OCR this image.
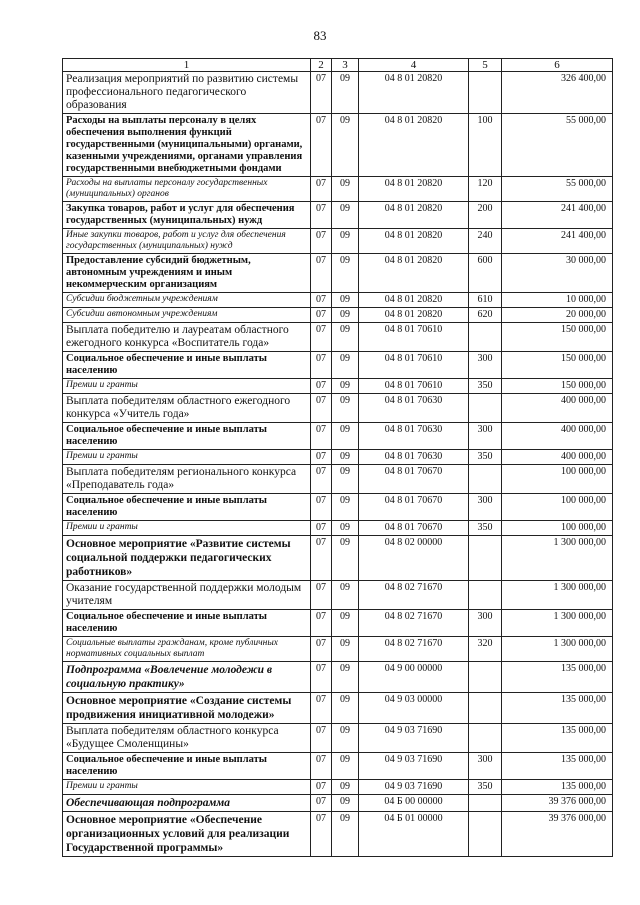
83
1	2	3	4	5	6
Реализация мероприятий по развитию системы профессионального педагогического образования	07	09	04 8 01 20820		326 400,00
Расходы на выплаты персоналу в целях обеспечения выполнения функций государственными (муниципальными) органами, казенными учреждениями, органами управления государственными внебюджетными фондами	07	09	04 8 01 20820	100	55 000,00
Расходы на выплаты персоналу государственных (муниципальных) органов	07	09	04 8 01 20820	120	55 000,00
Закупка товаров, работ и услуг для обеспечения государственных (муниципальных) нужд	07	09	04 8 01 20820	200	241 400,00
Иные закупки товаров, работ и услуг для обеспечения государственных (муниципальных) нужд	07	09	04 8 01 20820	240	241 400,00
Предоставление субсидий бюджетным, автономным учреждениям и иным некоммерческим организациям	07	09	04 8 01 20820	600	30 000,00
Субсидии бюджетным учреждениям	07	09	04 8 01 20820	610	10 000,00
Субсидии автономным учреждениям	07	09	04 8 01 20820	620	20 000,00
Выплата победителю и лауреатам областного ежегодного конкурса «Воспитатель года»	07	09	04 8 01 70610		150 000,00
Социальное обеспечение и иные выплаты населению	07	09	04 8 01 70610	300	150 000,00
Премии и гранты	07	09	04 8 01 70610	350	150 000,00
Выплата победителям областного ежегодного конкурса «Учитель года»	07	09	04 8 01 70630		400 000,00
Социальное обеспечение и иные выплаты населению	07	09	04 8 01 70630	300	400 000,00
Премии и гранты	07	09	04 8 01 70630	350	400 000,00
Выплата победителям регионального конкурса «Преподаватель года»	07	09	04 8 01 70670		100 000,00
Социальное обеспечение и иные выплаты населению	07	09	04 8 01 70670	300	100 000,00
Премии и гранты	07	09	04 8 01 70670	350	100 000,00
Основное мероприятие «Развитие системы социальной поддержки педагогических работников»	07	09	04 8 02 00000		1 300 000,00
Оказание государственной поддержки молодым учителям	07	09	04 8 02 71670		1 300 000,00
Социальное обеспечение и иные выплаты населению	07	09	04 8 02 71670	300	1 300 000,00
Социальные выплаты гражданам, кроме публичных нормативных социальных выплат	07	09	04 8 02 71670	320	1 300 000,00
Подпрограмма «Вовлечение молодежи в социальную практику»	07	09	04 9 00 00000		135 000,00
Основное мероприятие «Создание системы продвижения инициативной молодежи»	07	09	04 9 03 00000		135 000,00
Выплата победителям областного конкурса «Будущее Смоленщины»	07	09	04 9 03 71690		135 000,00
Социальное обеспечение и иные выплаты населению	07	09	04 9 03 71690	300	135 000,00
Премии и гранты	07	09	04 9 03 71690	350	135 000,00
Обеспечивающая подпрограмма	07	09	04 Б 00 00000		39 376 000,00
Основное мероприятие «Обеспечение организационных условий для реализации Государственной программы»	07	09	04 Б 01 00000		39 376 000,00
